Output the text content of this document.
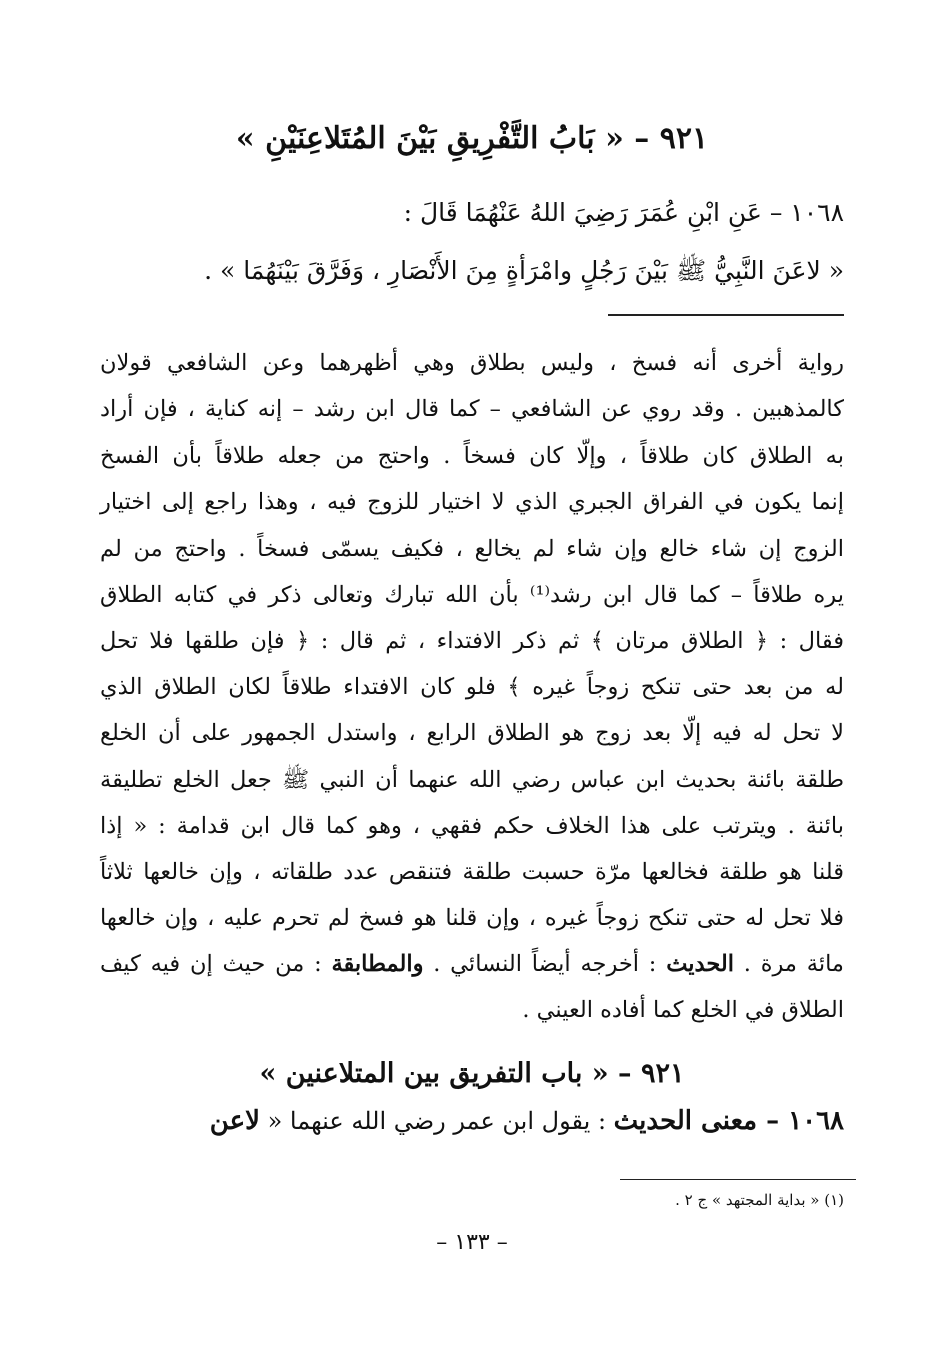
٩٢١ – « بَابُ التَّفْرِيقِ بَيْنَ المُتَلاعِنَيْنِ »
١٠٦٨ – عَنِ ابْنِ عُمَرَ رَضِيَ اللهُ عَنْهُمَا قَالَ :
« لاعَنَ النَّبِيُّ ﷺ بَيْنَ رَجُلٍ وامْرَأةٍ مِنَ الأَنْصَارِ ، وَفَرَّقَ بَيْنَهُمَا » .
رواية أخرى أنه فسخ ، وليس بطلاق وهي أظهرهما وعن الشافعي قولان
كالمذهبين . وقد روي عن الشافعي – كما قال ابن رشد – إنه كناية ، فإن أراد
به الطلاق كان طلاقاً ، وإلّا كان فسخاً . واحتج من جعله طلاقاً بأن الفسخ
إنما يكون في الفراق الجبري الذي لا اختيار للزوج فيه ، وهذا راجع إلى اختيار
الزوج إن شاء خالع وإن شاء لم يخالع ، فكيف يسمّى فسخاً . واحتج من لم
يره طلاقاً – كما قال ابن رشد⁽¹⁾ بأن الله تبارك وتعالى ذكر في كتابه الطلاق
فقال : ﴿ الطلاق مرتان ﴾ ثم ذكر الافتداء ، ثم قال : ﴿ فإن طلقها فلا تحل
له من بعد حتى تنكح زوجاً غيره ﴾ فلو كان الافتداء طلاقاً لكان الطلاق الذي
لا تحل له فيه إلّا بعد زوج هو الطلاق الرابع ، واستدل الجمهور على أن الخلع
طلقة بائنة بحديث ابن عباس رضي الله عنهما أن النبي ﷺ جعل الخلع تطليقة
بائنة . ويترتب على هذا الخلاف حكم فقهي ، وهو كما قال ابن قدامة : « إذا
قلنا هو طلقة فخالعها مرّة حسبت طلقة فتنقص عدد طلقاته ، وإن خالعها ثلاثاً
فلا تحل له حتى تنكح زوجاً غيره ، وإن قلنا هو فسخ لم تحرم عليه ، وإن خالعها
مائة مرة . الحديث : أخرجه أيضاً النسائي . والمطابقة : من حيث إن فيه كيف
الطلاق في الخلع كما أفاده العيني .
٩٢١ – « باب التفريق بين المتلاعنين »
١٠٦٨ – معنى الحديث : يقول ابن عمر رضي الله عنهما « لاعن
(١) « بداية المجتهد » ج ٢ .
– ١٣٣ –
